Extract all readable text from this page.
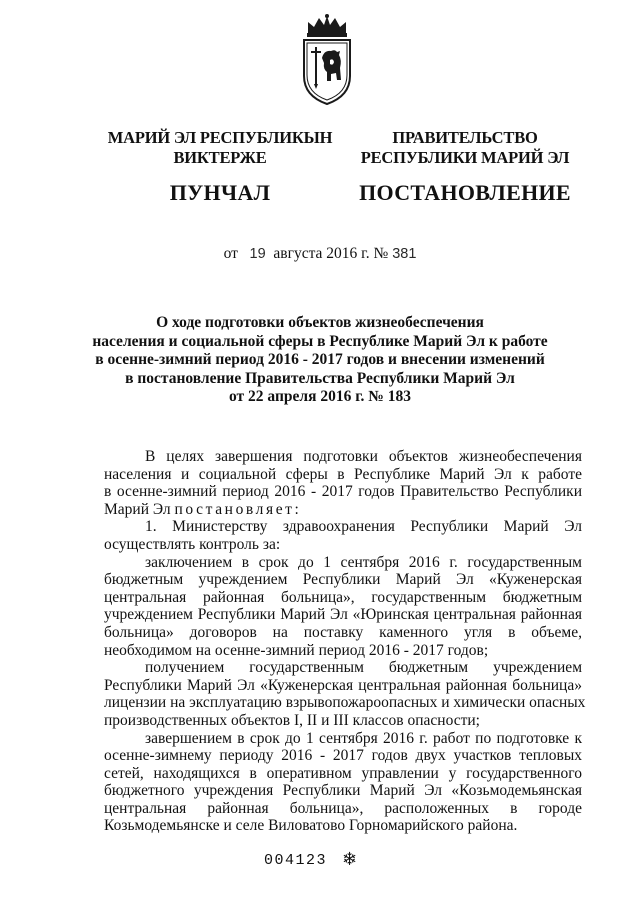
МАРИЙ ЭЛ РЕСПУБЛИКЫН
ВИКТЕРЖЕ
ПУНЧАЛ
ПРАВИТЕЛЬСТВО
РЕСПУБЛИКИ МАРИЙ ЭЛ
ПОСТАНОВЛЕНИЕ
от 19 августа 2016 г. № 381
О ходе подготовки объектов жизнеобеспечения
населения и социальной сферы в Республике Марий Эл к работе
в осенне-зимний период 2016 - 2017 годов и внесении изменений
в постановление Правительства Республики Марий Эл
от 22 апреля 2016 г. № 183

В целях завершения подготовки объектов жизнеобеспечения
населения и социальной сферы в Республике Марий Эл к работе
в осенне-зимний период 2016 - 2017 годов Правительство Республики
Марий Эл постановляет:

1. Министерству здравоохранения Республики Марий Эл
осуществлять контроль за:

заключением в срок до 1 сентября 2016 г. государственным
бюджетным учреждением Республики Марий Эл «Куженерская
центральная районная больница», государственным бюджетным
учреждением Республики Марий Эл «Юринская центральная районная
больница» договоров на поставку каменного угля в объеме,
необходимом на осенне-зимний период 2016 - 2017 годов;

получением государственным бюджетным учреждением
Республики Марий Эл «Куженерская центральная районная больница»
лицензии на эксплуатацию взрывопожароопасных и химически опасных
производственных объектов I, II и III классов опасности;

завершением в срок до 1 сентября 2016 г. работ по подготовке к
осенне-зимнему периоду 2016 - 2017 годов двух участков тепловых
сетей, находящихся в оперативном управлении у государственного
бюджетного учреждения Республики Марий Эл «Козьмодемьянская
центральная районная больница», расположенных в городе
Козьмодемьянске и селе Виловатово Горномарийского района.

004123 ❄
